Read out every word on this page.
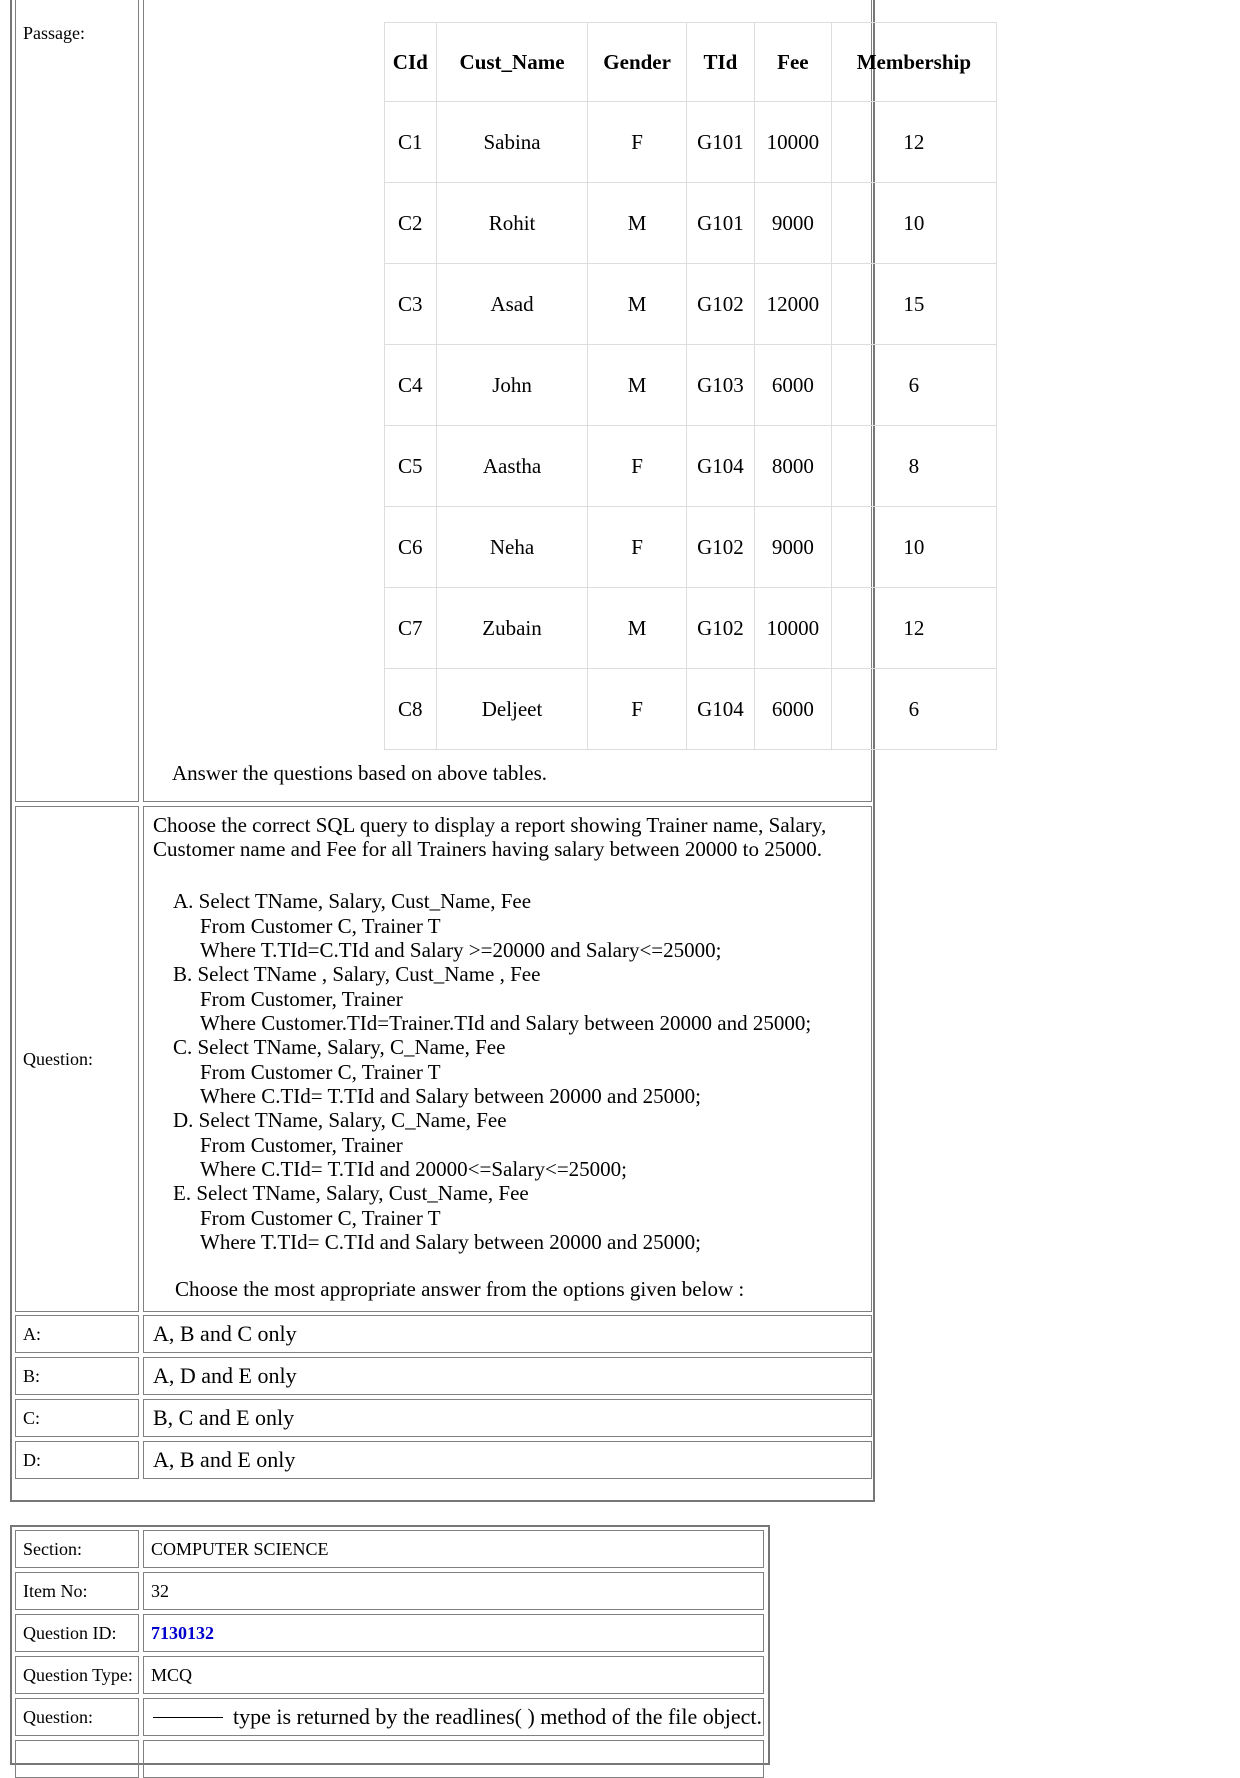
Passage:
CId	Cust_Name	Gender	TId	Fee	Membership
C1	Sabina	F	G101	10000	12
C2	Rohit	M	G101	9000	10
C3	Asad	M	G102	12000	15
C4	John	M	G103	6000	6
C5	Aastha	F	G104	8000	8
C6	Neha	F	G102	9000	10
C7	Zubain	M	G102	10000	12
C8	Deljeet	F	G104	6000	6
Answer the questions based on above tables.
Question:
Choose the correct SQL query to display a report showing Trainer name, Salary,
Customer name and Fee for all Trainers having salary between 20000 to 25000.
A. Select TName, Salary, Cust_Name, Fee
From Customer C, Trainer T
Where T.TId=C.TId and Salary >=20000 and Salary<=25000;
B. Select TName , Salary, Cust_Name , Fee
From Customer, Trainer
Where Customer.TId=Trainer.TId and Salary between 20000 and 25000;
C. Select TName, Salary, C_Name, Fee
From Customer C, Trainer T
Where C.TId= T.TId and Salary between 20000 and 25000;
D. Select TName, Salary, C_Name, Fee
From Customer, Trainer
Where C.TId= T.TId and 20000<=Salary<=25000;
E. Select TName, Salary, Cust_Name, Fee
From Customer C, Trainer T
Where T.TId= C.TId and Salary between 20000 and 25000;
Choose the most appropriate answer from the options given below :
A:	A, B and C only
B:	A, D and E only
C:	B, C and E only
D:	A, B and E only
Section:	COMPUTER SCIENCE
Item No:	32
Question ID:	7130132
Question Type:	MCQ
Question:	type is returned by the readlines( ) method of the file object.
